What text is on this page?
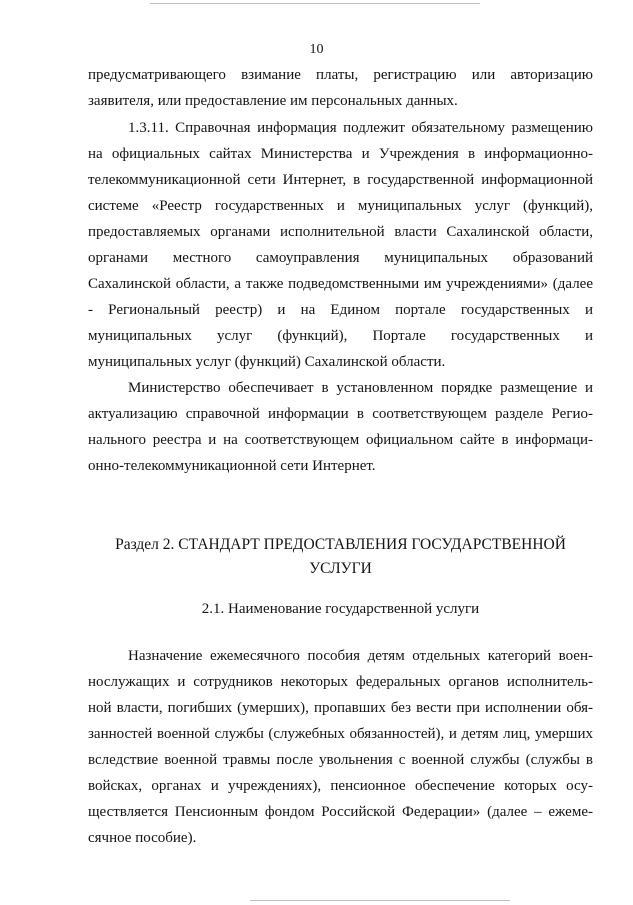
10
предусматривающего взимание платы, регистрацию или авторизацию
заявителя, или предоставление им персональных данных.
1.3.11. Справочная информация подлежит обязательному размещению
на официальных сайтах Министерства и Учреждения в информационно-
телекоммуникационной сети Интернет, в государственной информационной
системе «Реестр государственных и муниципальных услуг (функций),
предоставляемых органами исполнительной власти Сахалинской области,
органами местного самоуправления муниципальных образований
Сахалинской области, а также подведомственными им учреждениями» (далее
- Региональный реестр) и на Едином портале государственных и
муниципальных услуг (функций), Портале государственных и
муниципальных услуг (функций) Сахалинской области.
Министерство обеспечивает в установленном порядке размещение и
актуализацию справочной информации в соответствующем разделе Регио-
нального реестра и на соответствующем официальном сайте в информаци-
онно-телекоммуникационной сети Интернет.
Раздел 2. СТАНДАРТ ПРЕДОСТАВЛЕНИЯ ГОСУДАРСТВЕННОЙ
УСЛУГИ
2.1. Наименование государственной услуги
Назначение ежемесячного пособия детям отдельных категорий воен-
нослужащих и сотрудников некоторых федеральных органов исполнитель-
ной власти, погибших (умерших), пропавших без вести при исполнении обя-
занностей военной службы (служебных обязанностей), и детям лиц, умерших
вследствие военной травмы после увольнения с военной службы (службы в
войсках, органах и учреждениях), пенсионное обеспечение которых осу-
ществляется Пенсионным фондом Российской Федерации» (далее – ежеме-
сячное пособие).
